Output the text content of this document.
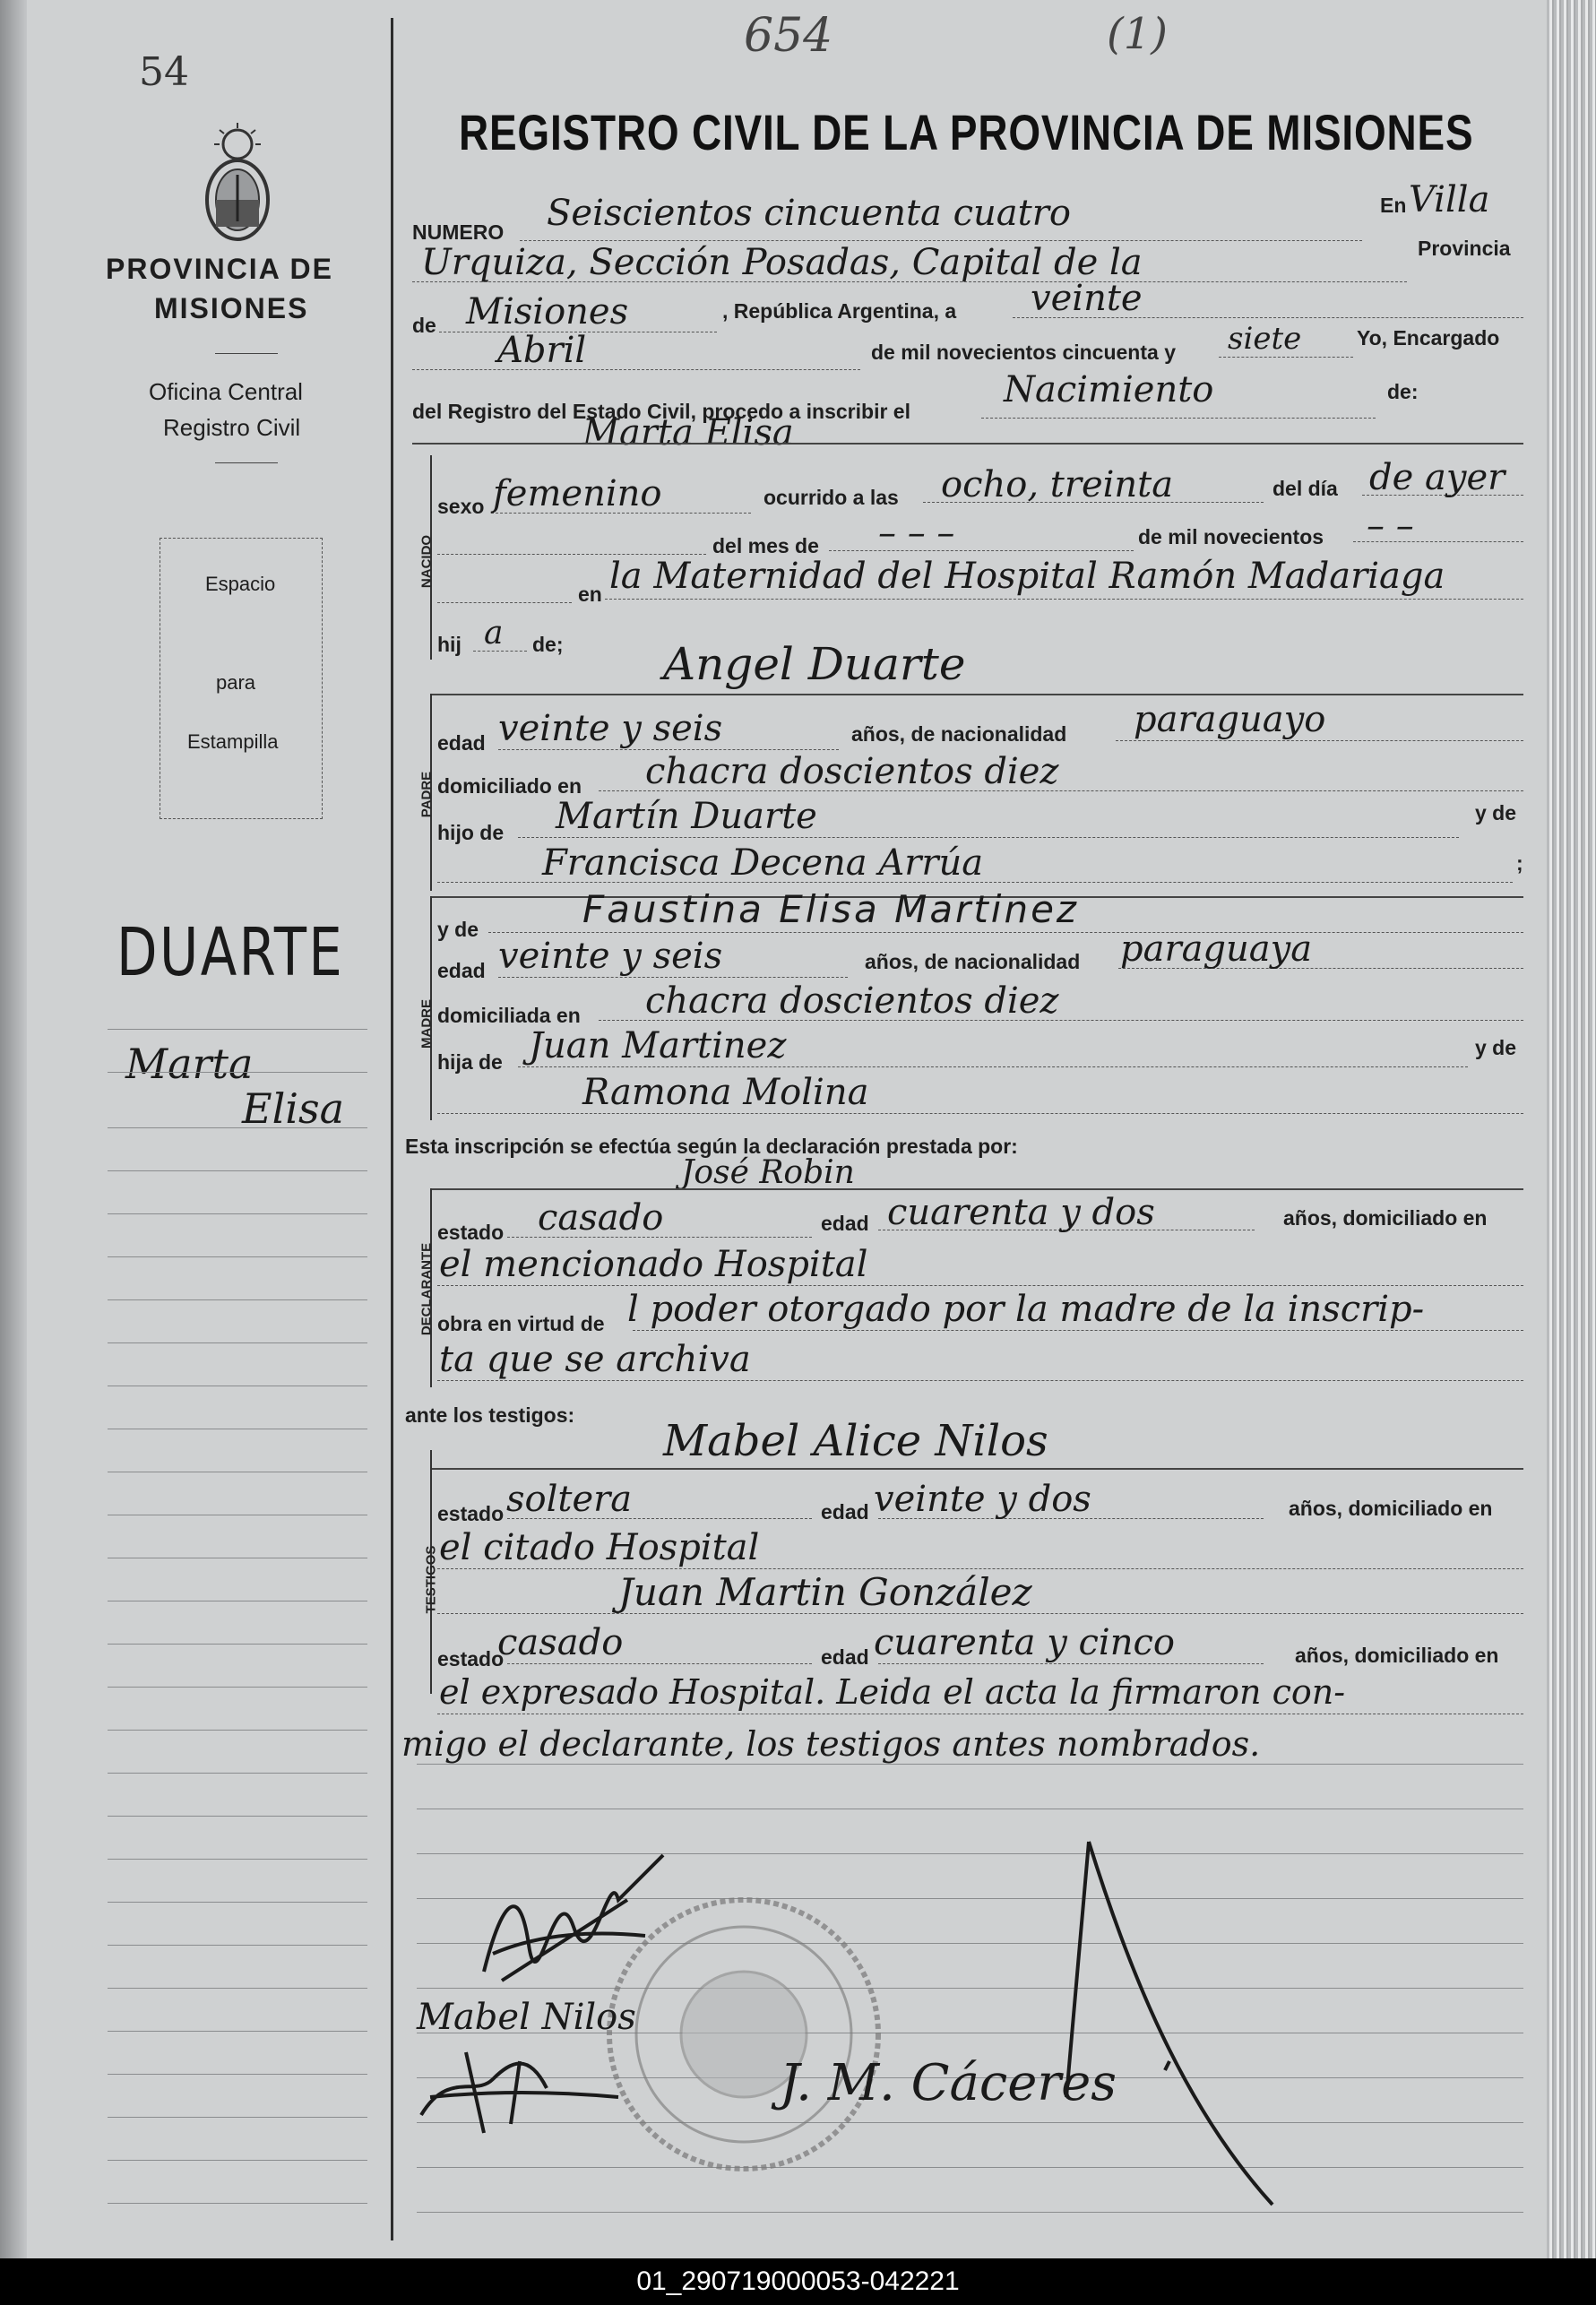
54
654	(1)
REGISTRO CIVIL DE LA PROVINCIA DE MISIONES
PROVINCIA DE
MISIONES
Oficina Central
Registro Civil
Espacio
para
Estampilla
DUARTE
Marta
Elisa
NUMERO Seiscientos cincuenta cuatro	En Villa
Urquiza, Sección Posadas, Capital de la	Provincia
de Misiones	, República Argentina, a veinte
Abril	de mil novecientos cincuenta y siete	Yo, Encargado
del Registro del Estado Civil, procedo a inscribir el
Nacimiento	de:
Marta Elisa
NACIDO
sexo femenino	ocurrido a las ocho, treinta	del día de ayer
del mes de – – –	de mil novecientos – –
en la Maternidad del Hospital Ramón Madariaga
hij a de; Angel Duarte
PADRE
edad veinte y seis	años, de nacionalidad paraguayo
domiciliado en chacra doscientos diez
hijo de Martín Duarte	y de
Francisca Decena Arrúa	;
MADRE
y de	Faustina Elisa Martinez
edad veinte y seis	años, de nacionalidad paraguaya
domiciliada en chacra doscientos diez
hija de Juan Martinez	y de
Ramona Molina
Esta inscripción se efectúa según la declaración prestada por:
José Robin
DECLARANTE
estado casado	edad cuarenta y dos	años, domiciliado en
el mencionado Hospital
obra en virtud de l poder otorgado por la madre de la inscrip-
ta que se archiva
ante los testigos:
Mabel Alice Nilos
TESTIGOS
estado soltera	edad veinte y dos	años, domiciliado en
el citado Hospital
Juan Martin González
estado
casado	edad cuarenta y cinco	años, domiciliado en
el expresado Hospital. Leida el acta la firmaron con-
migo el declarante, los testigos antes nombrados.
Mabel Nilos
J. M. Cáceres
01_290719000053-042221
